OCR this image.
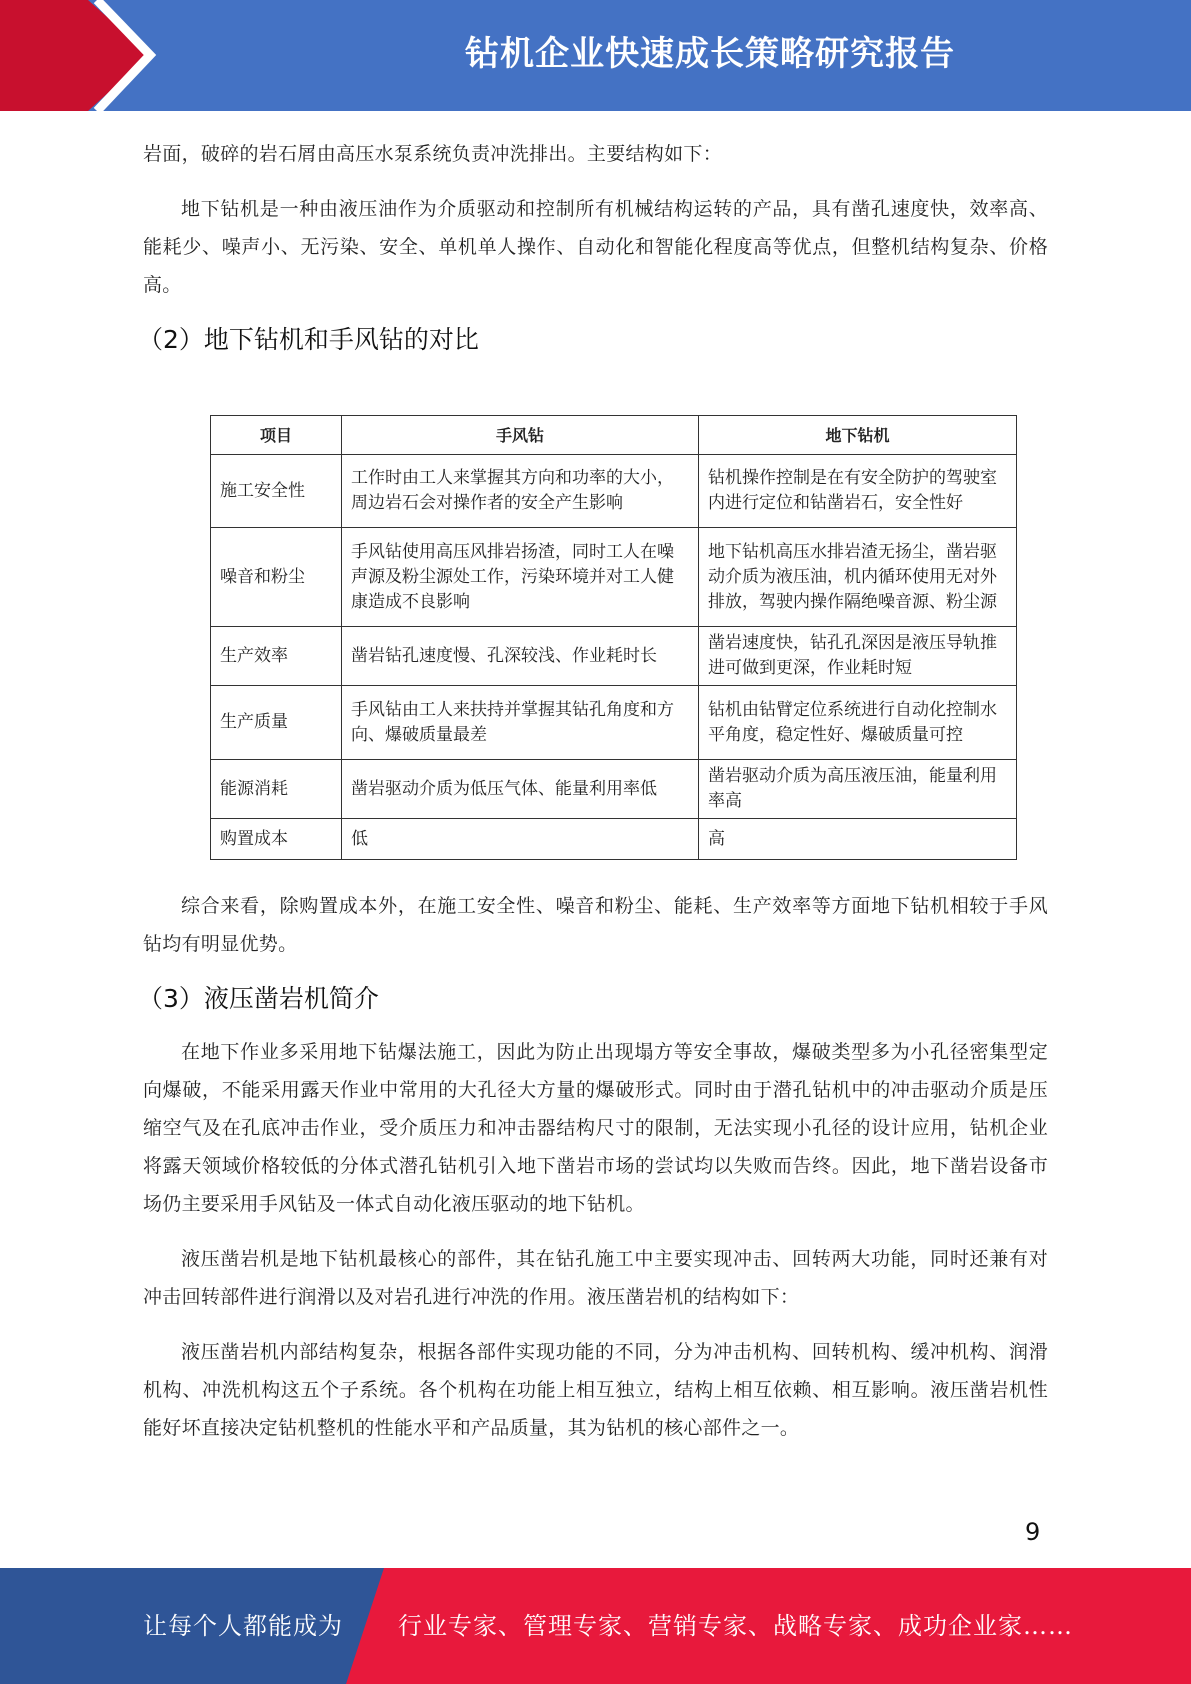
钻机企业快速成长策略研究报告

岩面，破碎的岩石屑由高压水泵系统负责冲洗排出。主要结构如下：

地下钻机是一种由液压油作为介质驱动和控制所有机械结构运转的产品，具有凿孔速度快，效率高、能耗少、噪声小、无污染、安全、单机单人操作、自动化和智能化程度高等优点，但整机结构复杂、价格高。

（2）地下钻机和手风钻的对比
项目	手风钻	地下钻机
施工安全性	工作时由工人来掌握其方向和功率的大小，周边岩石会对操作者的安全产生影响	钻机操作控制是在有安全防护的驾驶室内进行定位和钻凿岩石，安全性好
噪音和粉尘	手风钻使用高压风排岩扬渣，同时工人在噪声源及粉尘源处工作，污染环境并对工人健康造成不良影响	地下钻机高压水排岩渣无扬尘，凿岩驱动介质为液压油，机内循环使用无对外排放，驾驶内操作隔绝噪音源、粉尘源
生产效率	凿岩钻孔速度慢、孔深较浅、作业耗时长	凿岩速度快，钻孔孔深因是液压导轨推进可做到更深，作业耗时短
生产质量	手风钻由工人来扶持并掌握其钻孔角度和方向、爆破质量最差	钻机由钻臂定位系统进行自动化控制水平角度，稳定性好、爆破质量可控
能源消耗	凿岩驱动介质为低压气体、能量利用率低	凿岩驱动介质为高压液压油，能量利用率高
购置成本	低	高

综合来看，除购置成本外，在施工安全性、噪音和粉尘、能耗、生产效率等方面地下钻机相较于手风钻均有明显优势。

（3）液压凿岩机简介

在地下作业多采用地下钻爆法施工，因此为防止出现塌方等安全事故，爆破类型多为小孔径密集型定向爆破，不能采用露天作业中常用的大孔径大方量的爆破形式。同时由于潜孔钻机中的冲击驱动介质是压缩空气及在孔底冲击作业，受介质压力和冲击器结构尺寸的限制，无法实现小孔径的设计应用，钻机企业将露天领域价格较低的分体式潜孔钻机引入地下凿岩市场的尝试均以失败而告终。因此，地下凿岩设备市场仍主要采用手风钻及一体式自动化液压驱动的地下钻机。

液压凿岩机是地下钻机最核心的部件，其在钻孔施工中主要实现冲击、回转两大功能，同时还兼有对冲击回转部件进行润滑以及对岩孔进行冲洗的作用。液压凿岩机的结构如下：

液压凿岩机内部结构复杂，根据各部件实现功能的不同，分为冲击机构、回转机构、缓冲机构、润滑机构、冲洗机构这五个子系统。各个机构在功能上相互独立，结构上相互依赖、相互影响。液压凿岩机性能好坏直接决定钻机整机的性能水平和产品质量，其为钻机的核心部件之一。

9
让每个人都能成为 行业专家、管理专家、营销专家、战略专家、成功企业家……
